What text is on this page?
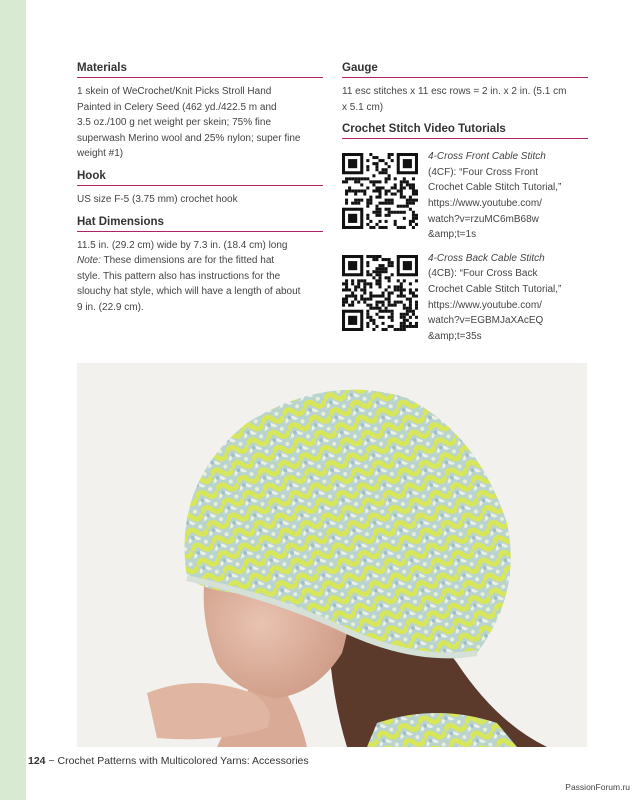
Materials
1 skein of WeCrochet/Knit Picks Stroll Hand
Painted in Celery Seed (462 yd./422.5 m and
3.5 oz./100 g net weight per skein; 75% fine
superwash Merino wool and 25% nylon; super fine
weight #1)
Hook
US size F-5 (3.75 mm) crochet hook
Hat Dimensions
11.5 in. (29.2 cm) wide by 7.3 in. (18.4 cm) long
Note: These dimensions are for the fitted hat
style. This pattern also has instructions for the
slouchy hat style, which will have a length of about
9 in. (22.9 cm).
Gauge
11 esc stitches x 11 esc rows = 2 in. x 2 in. (5.1 cm
x 5.1 cm)
Crochet Stitch Video Tutorials
4-Cross Front Cable Stitch
(4CF): “Four Cross Front
Crochet Cable Stitch Tutorial,”
https://www.youtube.com/
watch?v=rzuMC6mB68w
&amp;t=1s
4-Cross Back Cable Stitch
(4CB): “Four Cross Back
Crochet Cable Stitch Tutorial,”
https://www.youtube.com/
watch?v=EGBMJaXAcEQ
&amp;t=35s
124 ~ Crochet Patterns with Multicolored Yarns: Accessories
PassionForum.ru
